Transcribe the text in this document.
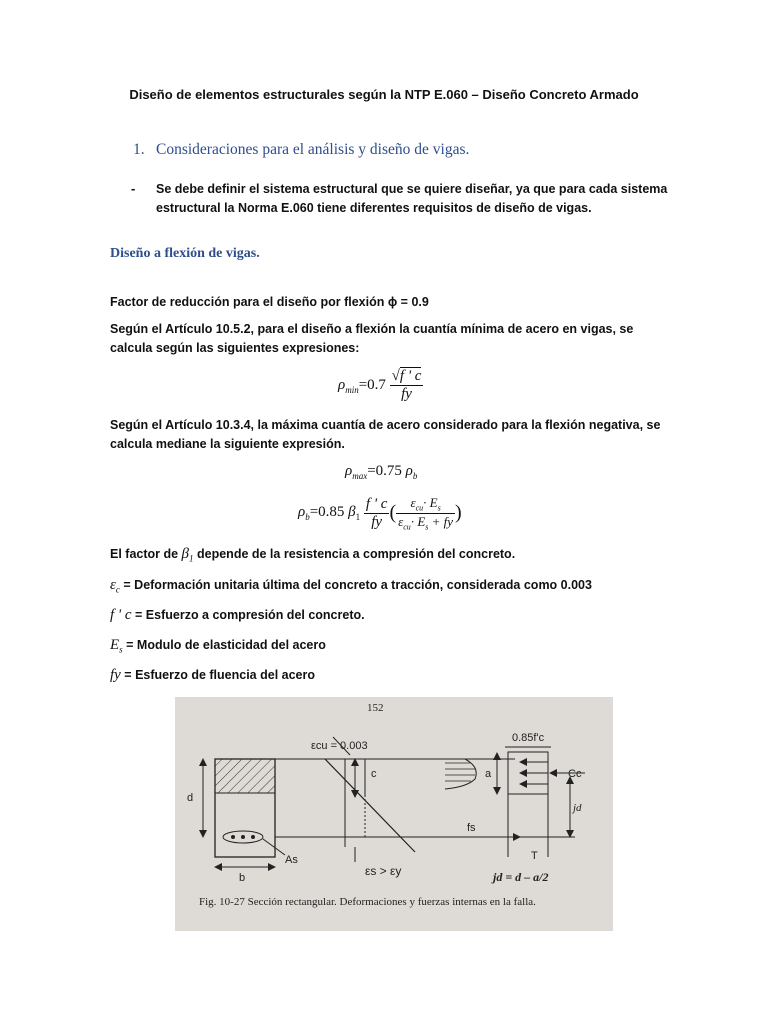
Diseño de elementos estructurales según la NTP E.060 – Diseño Concreto Armado
1. Consideraciones para el análisis y diseño de vigas.
- Se debe definir el sistema estructural que se quiere diseñar, ya que para cada sistema estructural la Norma E.060 tiene diferentes requisitos de diseño de vigas.
Diseño a flexión de vigas.
Factor de reducción para el diseño por flexión ϕ = 0.9
Según el Artículo 10.5.2, para el diseño a flexión la cuantía mínima de acero en vigas, se calcula según las siguientes expresiones:
$\rho_{min}=0.7 \frac{√f ' c}{fy}$
Según el Artículo 10.3.4, la máxima cuantía de acero considerado para la flexión negativa, se calcula mediane la siguiente expresión.
$\rho_{max}=0.75$ $\rho_b$
$\rho_b=0.85$ $\beta_1 \frac{f ' c}{fy}$ ( $\frac{\varepsilon_{cu}\cdot E_s}{\varepsilon_{cu}\cdot E_s + fy}$ )
El factor de $\beta_1$ depende de la resistencia a compresión del concreto.
$\varepsilon_c$ = Deformación unitaria última del concreto a tracción, considerada como 0.003
f ' c = Esfuerzo a compresión del concreto.
$E_s$ = Modulo de elasticidad del acero
fy = Esfuerzo de fluencia del acero
152
d
b
As
εcu = 0.003
c
εs > εy
0.85f'c
a	Cc
jd
fs
T
jd = d – a/2
Fig. 10-27 Sección rectangular. Deformaciones y fuerzas internas en la falla.
